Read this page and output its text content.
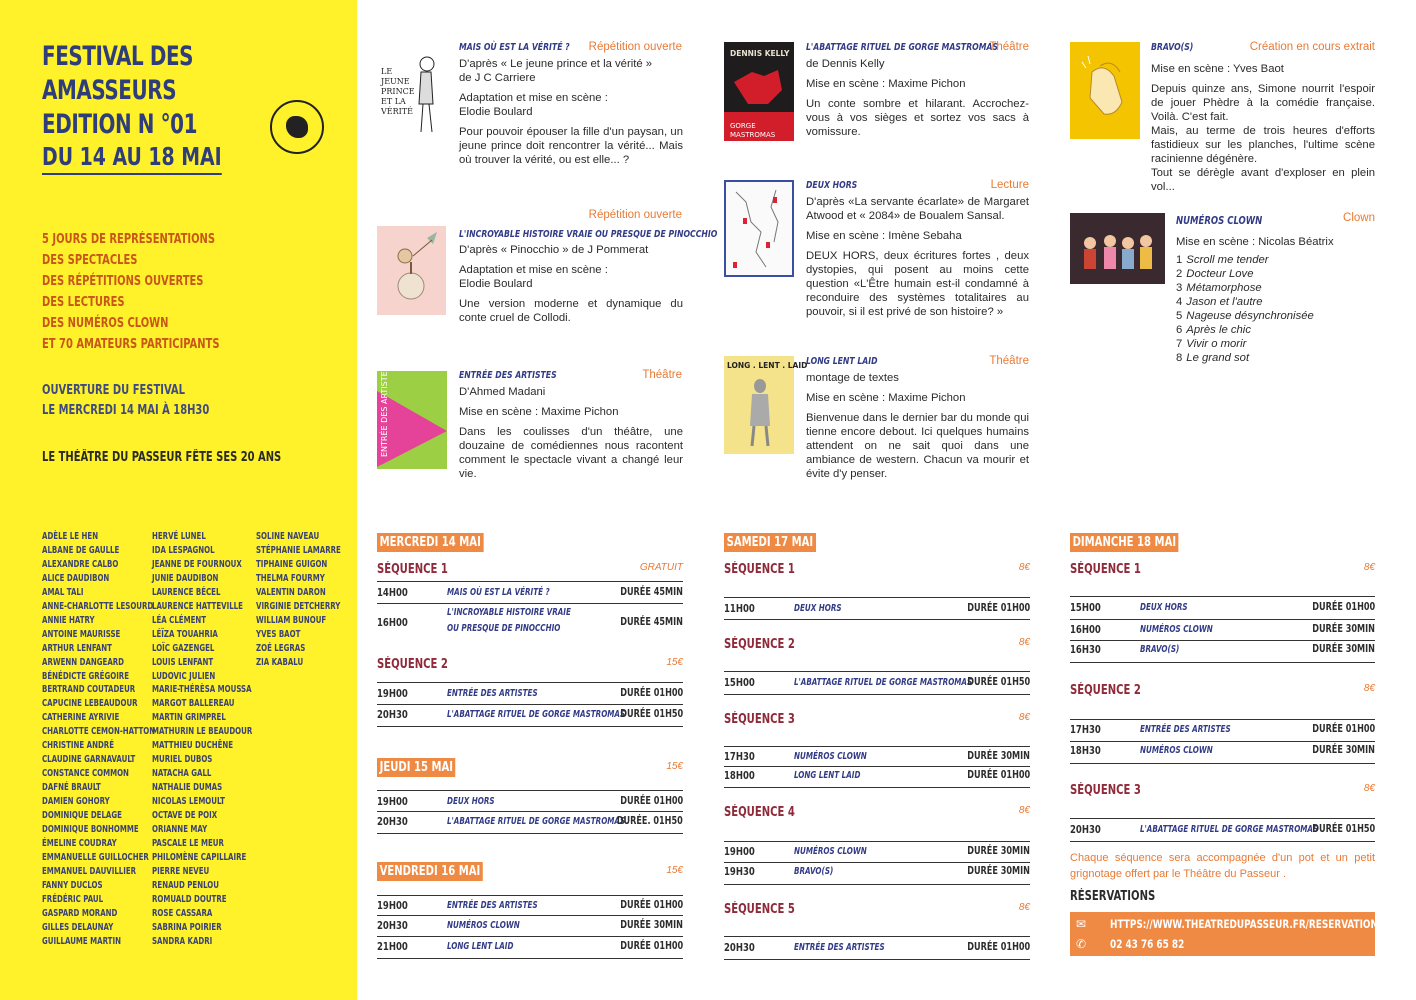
FESTIVAL DES AMASSEURS
EDITION N °01
DU 14 AU 18 MAI
5 JOURS DE REPRÉSENTATIONS
DES SPECTACLES
DES RÉPÉTITIONS OUVERTES
DES LECTURES
DES NUMÉROS CLOWN
ET 70 AMATEURS PARTICIPANTS
OUVERTURE DU FESTIVAL
LE MERCREDI 14 MAI À 18H30
LE THÉÂTRE DU PASSEUR FÊTE SES 20 ANS
ADÈLE LE HEN
ALBANE DE GAULLE
ALEXANDRE CALBO
ALICE DAUDIBON
AMAL TALI
ANNE-CHARLOTTE LESOURD
ANNIE HATRY
ANTOINE MAURISSE
ARTHUR LENFANT
ARWENN DANGEARD
BÉNÉDICTE GRÉGOIRE
BERTRAND COUTADEUR
CAPUCINE LEBEAUDOUR
CATHERINE AYRIVIE
CHARLOTTE CEMON-HATTON
CHRISTINE ANDRÉ
CLAUDINE GARNAVAULT
CONSTANCE COMMON
DAFNÉ BRAULT
DAMIEN GOHORY
DOMINIQUE DELAGE
DOMINIQUE BONHOMME
ÉMELINE COUDRAY
EMMANUELLE GUILLOCHER
EMMANUEL DAUVILLIER
FANNY DUCLOS
FRÉDÉRIC PAUL
GASPARD MORAND
GILLES DELAUNAY
GUILLAUME MARTIN
HERVÉ LUNEL
IDA LESPAGNOL
JEANNE DE FOURNOUX
JUNIE DAUDIBON
LAURENCE BÉCEL
LAURENCE HATTEVILLE
LÉA CLÉMENT
LÉÏZA TOUAHRIA
LOÏC GAZENGEL
LOUIS LENFANT
LUDOVIC JULIEN
MARIE-THÉRÈSA MOUSSA
MARGOT BALLEREAU
MARTIN GRIMPREL
MATHURIN LE BEAUDOUR
MATTHIEU DUCHÊNE
MURIEL DUBOS
NATACHA GALL
NATHALIE DUMAS
NICOLAS LEMOULT
OCTAVE DE POIX
ORIANNE MAY
PASCALE LE MEUR
PHILOMÈNE CAPILLAIRE
PIERRE NEVEU
RENAUD PENLOU
ROMUALD DOUTRE
ROSE CASSARA
SABRINA POIRIER
SANDRA KADRI
SOLINE NAVEAU
STÉPHANIE LAMARRE
TIPHAINE GUIGON
THELMA FOURMY
VALENTIN DARON
VIRGINIE DETCHERRY
WILLIAM BUNOUF
YVES BAOT
ZOÉ LEGRAS
ZIA KABALU
LE
JEUNE
PRINCE
ET LA
VÉRITÉ
MAIS OÙ EST LA VÉRITÉ ? Répétition ouverte

D'après « Le jeune prince et la vérité »
de J C Carriere

Adaptation et mise en scène :
Elodie Boulard

Pour pouvoir épouser la fille d'un paysan, un jeune prince doit rencontrer la vérité... Mais où trouver la vérité, ou est elle... ?

L'INCROYABLE HISTOIRE VRAIE OU PRESQUE DE PINOCCHIO
Répétition ouverte

D'après « Pinocchio » de J Pommerat

Adaptation et mise en scène :
Elodie Boulard

Une version moderne et dynamique du conte cruel de Collodi.

ENTRÉE DES ARTISTES	ENTRÉE DES ARTISTES	Théâtre

D'Ahmed Madani

Mise en scène : Maxime Pichon

Dans les coulisses d'un théâtre, une douzaine de comédiennes nous racontent comment le spectacle vivant a changé leur vie.

DENNIS KELLY
GORGE
MASTROMAS
L'ABATTAGE RITUEL DE GORGE MASTROMAS
Théâtre

de Dennis Kelly

Mise en scène : Maxime Pichon

Un conte sombre et hilarant. Accrochez-vous à vos sièges et sortez vos sacs à vomissure.

DEUX HORS	Lecture

D'après «La servante écarlate» de Margaret Atwood et « 2084» de Boualem Sansal.

Mise en scène : Imène Sebaha

DEUX HORS, deux écritures fortes , deux dystopies, qui posent au moins cette question «L'Être humain est-il condamné à reconduire des systèmes totalitaires au pouvoir, si il est privé de son histoire? »

LONG . LENT . LAID
LONG LENT LAID	Théâtre

montage de textes

Mise en scène : Maxime Pichon

Bienvenue dans le dernier bar du monde qui tienne encore debout. Ici quelques humains attendent on ne sait quoi dans une ambiance de western. Chacun va mourir et évite d'y penser.

BRAVO(S)	Création en cours extrait

Mise en scène : Yves Baot

Depuis quinze ans, Simone nourrit l'espoir de jouer Phèdre à la comédie française. Voilà. C'est fait.
Mais, au terme de trois heures d'efforts fastidieux sur les planches, l'ultime scène racinienne dégénère.
Tout se dérègle avant d'exploser en plein vol...
NUMÉROS CLOWN	Clown

Mise en scène : Nicolas Béatrix

1 Scroll me tender
2 Docteur Love
3 Métamorphose
4 Jason et l'autre
5 Nageuse désynchronisée
6 Après le chic
7 Vivir o morir
8 Le grand sot
MERCREDI 14 MAI
SÉQUENCE 1	GRATUIT
14H00	MAIS OÙ EST LA VÉRITÉ ?	DURÉE 45MIN
16H00
L'INCROYABLE HISTOIRE VRAIE
OU PRESQUE DE PINOCCHIO
DURÉE 45MIN
SÉQUENCE 2	15€
19H00	ENTRÉE DES ARTISTES	DURÉE 01H00
20H30	L'ABATTAGE RITUEL DE GORGE MASTROMAS
DURÉE 01H50
JEUDI 15 MAI	15€
19H00	DEUX HORS	DURÉE 01H00
20H30	L'ABATTAGE RITUEL DE GORGE MASTROMAS
DURÉE. 01H50
VENDREDI 16 MAI	15€
19H00	ENTRÉE DES ARTISTES	DURÉE 01H00
20H30	NUMÉROS CLOWN	DURÉE 30MIN
21H00	LONG LENT LAID	DURÉE 01H00
SAMEDI 17 MAI
SÉQUENCE 1	8€
11H00	DEUX HORS	DURÉE 01H00
SÉQUENCE 2	8€
15H00	L'ABATTAGE RITUEL DE GORGE MASTROMAS
DURÉE 01H50
SÉQUENCE 3	8€
17H30	NUMÉROS CLOWN	DURÉE 30MIN
18H00	LONG LENT LAID	DURÉE 01H00
SÉQUENCE 4	8€
19H00	NUMÉROS CLOWN	DURÉE 30MIN
19H30	BRAVO(S)	DURÉE 30MIN
SÉQUENCE 5	8€
20H30	ENTRÉE DES ARTISTES	DURÉE 01H00
DIMANCHE 18 MAI
SÉQUENCE 1	8€
15H00	DEUX HORS	DURÉE 01H00
16H00	NUMÉROS CLOWN	DURÉE 30MIN
16H30	BRAVO(S)	DURÉE 30MIN
SÉQUENCE 2	8€
17H30	ENTRÉE DES ARTISTES	DURÉE 01H00
18H30	NUMÉROS CLOWN	DURÉE 30MIN
SÉQUENCE 3	8€
20H30	L'ABATTAGE RITUEL DE GORGE MASTROMAS
DURÉE 01H50
Chaque séquence sera accompagnée d'un pot et un petit grignotage offert par le Théâtre du Passeur .
RÉSERVATIONS
✉ HTTPS://WWW.THEATREDUPASSEUR.FR/RESERVATIONS.HTML
✆ 02 43 76 65 82
